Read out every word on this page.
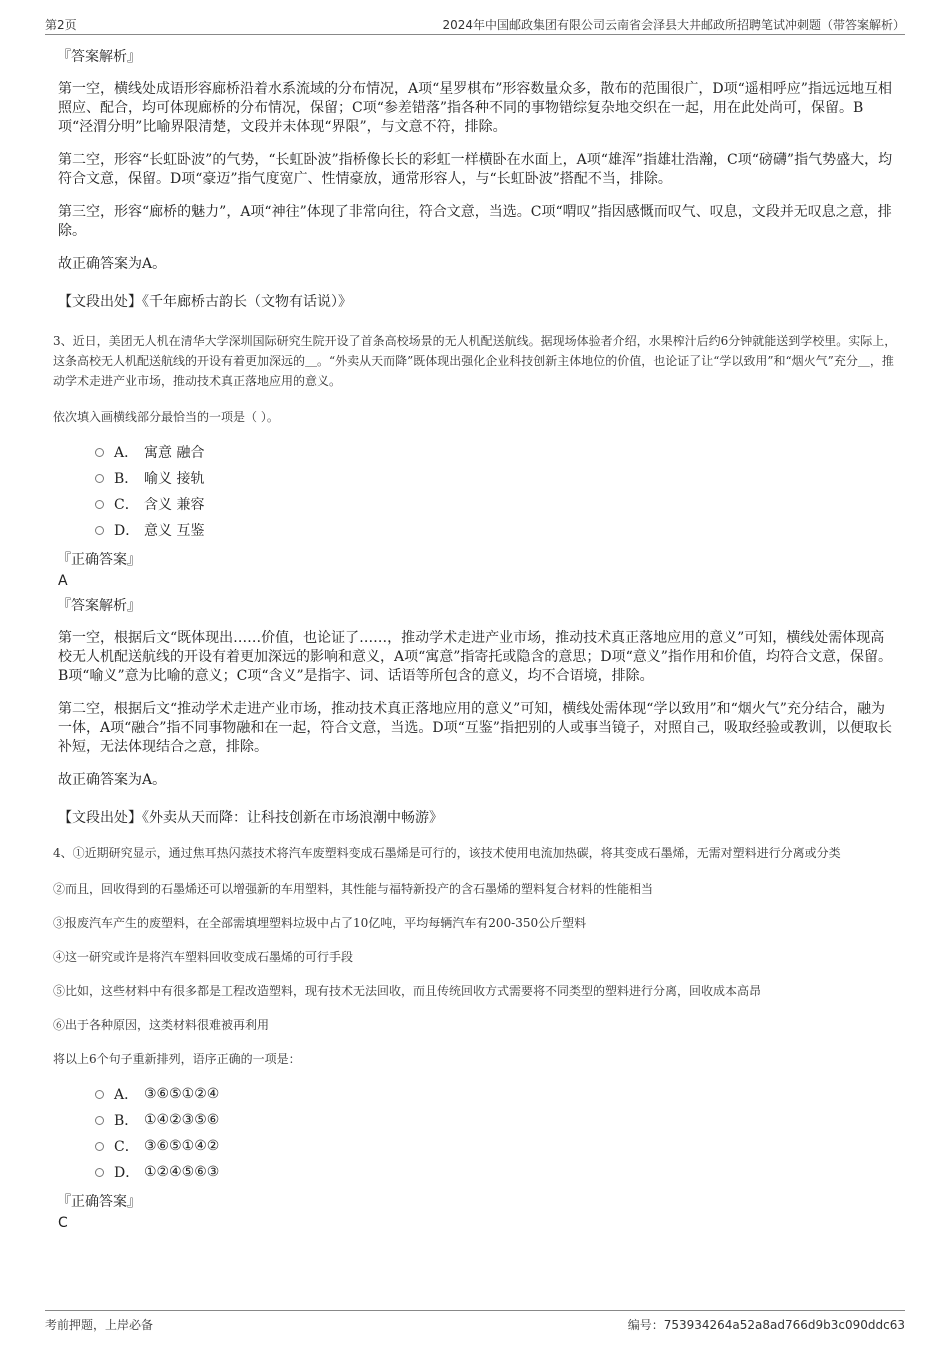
第2页	2024年中国邮政集团有限公司云南省会泽县大井邮政所招聘笔试冲刺题（带答案解析）
『答案解析』
第一空，横线处成语形容廊桥沿着水系流域的分布情况，A项“星罗棋布”形容数量众多，散布的范围很广，D项“遥相呼应”指远远地互相照应、配合，均可体现廊桥的分布情况，保留；C项“参差错落”指各种不同的事物错综复杂地交织在一起，用在此处尚可，保留。B项“泾渭分明”比喻界限清楚，文段并未体现“界限”，与文意不符，排除。
第二空，形容“长虹卧波”的气势，“长虹卧波”指桥像长长的彩虹一样横卧在水面上，A项“雄浑”指雄壮浩瀚，C项“磅礴”指气势盛大，均符合文意，保留。D项“豪迈”指气度宽广、性情豪放，通常形容人，与“长虹卧波”搭配不当，排除。
第三空，形容“廊桥的魅力”，A项“神往”体现了非常向往，符合文意，当选。C项“喟叹”指因感慨而叹气、叹息，文段并无叹息之意，排除。
故正确答案为A。
【文段出处】《千年廊桥古韵长（文物有话说）》
3、近日，美团无人机在清华大学深圳国际研究生院开设了首条高校场景的无人机配送航线。据现场体验者介绍，水果榨汁后约6分钟就能送到学校里。实际上，这条高校无人机配送航线的开设有着更加深远的＿。“外卖从天而降”既体现出强化企业科技创新主体地位的价值，也论证了让“学以致用”和“烟火气”充分＿，推动学术走进产业市场，推动技术真正落地应用的意义。
依次填入画横线部分最恰当的一项是（ ）。
A． 寓意 融合
B． 喻义 接轨
C． 含义 兼容
D． 意义 互鉴
『正确答案』
A
『答案解析』
第一空，根据后文“既体现出……价值，也论证了……，推动学术走进产业市场，推动技术真正落地应用的意义”可知，横线处需体现高校无人机配送航线的开设有着更加深远的影响和意义，A项“寓意”指寄托或隐含的意思；D项“意义”指作用和价值，均符合文意，保留。B项“喻义”意为比喻的意义；C项“含义”是指字、词、话语等所包含的意义，均不合语境，排除。
第二空，根据后文“推动学术走进产业市场，推动技术真正落地应用的意义”可知，横线处需体现“学以致用”和“烟火气”充分结合，融为一体，A项“融合”指不同事物融和在一起，符合文意，当选。D项“互鉴”指把别的人或事当镜子，对照自己，吸取经验或教训，以便取长补短，无法体现结合之意，排除。
故正确答案为A。
【文段出处】《外卖从天而降：让科技创新在市场浪潮中畅游》
4、①近期研究显示，通过焦耳热闪蒸技术将汽车废塑料变成石墨烯是可行的，该技术使用电流加热碳，将其变成石墨烯，无需对塑料进行分离或分类
②而且，回收得到的石墨烯还可以增强新的车用塑料，其性能与福特新投产的含石墨烯的塑料复合材料的性能相当
③报废汽车产生的废塑料，在全部需填埋塑料垃圾中占了10亿吨，平均每辆汽车有200-350公斤塑料
④这一研究或许是将汽车塑料回收变成石墨烯的可行手段
⑤比如，这些材料中有很多都是工程改造塑料，现有技术无法回收，而且传统回收方式需要将不同类型的塑料进行分离，回收成本高昂
⑥出于各种原因，这类材料很难被再利用
将以上6个句子重新排列，语序正确的一项是：
A． ③⑥⑤①②④
B． ①④②③⑤⑥
C． ③⑥⑤①④②
D． ①②④⑤⑥③
『正确答案』
C
考前押题，上岸必备	编号：753934264a52a8ad766d9b3c090ddc63
